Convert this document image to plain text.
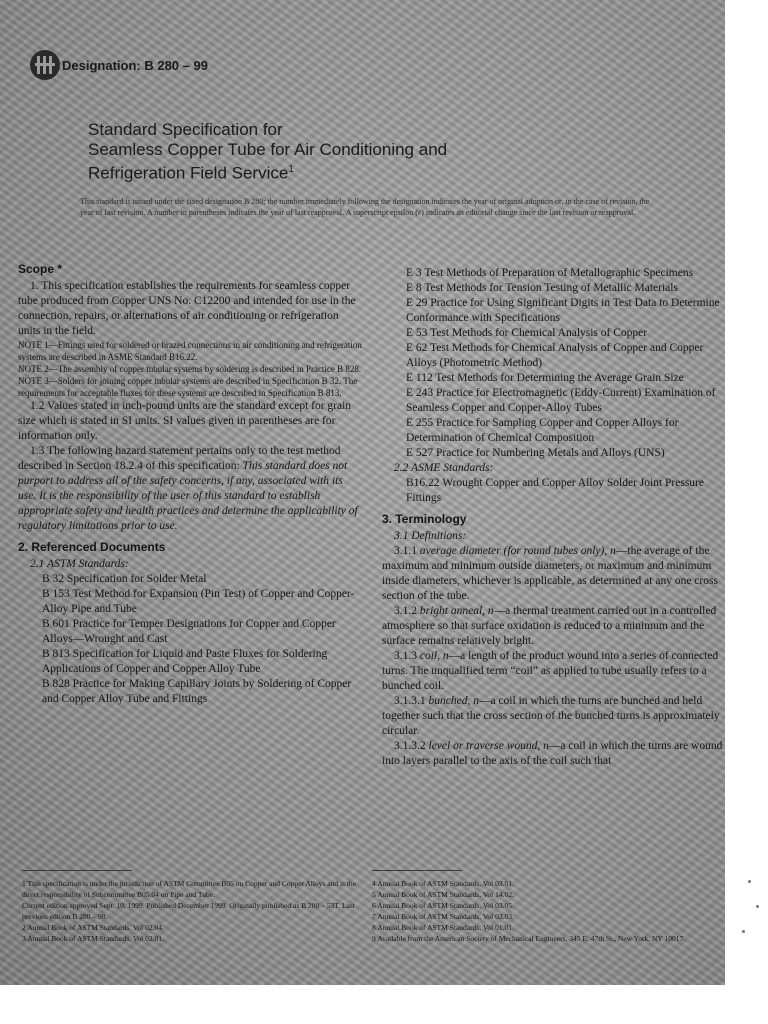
Designation: B 280 – 99
Standard Specification for
Seamless Copper Tube for Air Conditioning and
Refrigeration Field Service$^1$
This standard is issued under the fixed designation B 280; the number immediately following the designation indicates the year of original adoption or, in the case of revision, the year of last revision. A number in parentheses indicates the year of last reapproval. A superscript epsilon (ε) indicates an editorial change since the last revision or reapproval.

Scope *

1. This specification establishes the requirements for seamless copper tube produced from Copper UNS No. C12200 and intended for use in the connection, repairs, or alternations of air conditioning or refrigeration units in the field.

NOTE 1—Fittings used for soldered or brazed connections in air conditioning and refrigeration systems are described in ASME Standard B16.22.

NOTE 2—The assembly of copper tubular systems by soldering is described in Practice B 828.

NOTE 3—Solders for joining copper tubular systems are described in Specification B 32. The requirements for acceptable fluxes for these systems are described in Specification B 813.

1.2 Values stated in inch-pound units are the standard except for grain size which is stated in SI units. SI values given in parentheses are for information only.

1.3 The following hazard statement pertains only to the test method described in Section 18.2.4 of this specification: This standard does not purport to address all of the safety concerns, if any, associated with its use. It is the responsibility of the user of this standard to establish appropriate safety and health practices and determine the applicability of regulatory limitations prior to use.

2. Referenced Documents

2.1 ASTM Standards:

B 32 Specification for Solder Metal

B 153 Test Method for Expansion (Pin Test) of Copper and Copper-Alloy Pipe and Tube

B 601 Practice for Temper Designations for Copper and Copper Alloys—Wrought and Cast

B 813 Specification for Liquid and Paste Fluxes for Soldering Applications of Copper and Copper Alloy Tube

B 828 Practice for Making Capillary Joints by Soldering of Copper and Copper Alloy Tube and Fittings

E 3 Test Methods of Preparation of Metallographic Specimens

E 8 Test Methods for Tension Testing of Metallic Materials

E 29 Practice for Using Significant Digits in Test Data to Determine Conformance with Specifications

E 53 Test Methods for Chemical Analysis of Copper

E 62 Test Methods for Chemical Analysis of Copper and Copper Alloys (Photometric Method)

E 112 Test Methods for Determining the Average Grain Size

E 243 Practice for Electromagnetic (Eddy-Current) Examination of Seamless Copper and Copper-Alloy Tubes

E 255 Practice for Sampling Copper and Copper Alloys for Determination of Chemical Composition

E 527 Practice for Numbering Metals and Alloys (UNS)

2.2 ASME Standards:

B16.22 Wrought Copper and Copper Alloy Solder Joint Pressure Fittings

3. Terminology

3.1 Definitions:

3.1.1 average diameter (for round tubes only), n—the average of the maximum and minimum outside diameters, or maximum and minimum inside diameters, whichever is applicable, as determined at any one cross section of the tube.

3.1.2 bright anneal, n—a thermal treatment carried out in a controlled atmosphere so that surface oxidation is reduced to a minimum and the surface remains relatively bright.

3.1.3 coil, n—a length of the product wound into a series of connected turns. The unqualified term “coil” as applied to tube usually refers to a bunched coil.

3.1.3.1 bunched, n—a coil in which the turns are bunched and held together such that the cross section of the bunched turns is approximately circular.

3.1.3.2 level or traverse wound, n—a coil in which the turns are wound into layers parallel to the axis of the coil such that

1 This specification is under the jurisdiction of ASTM Committee B05 on Copper and Copper Alloys and is the direct responsibility of Subcommittee B05.04 on Pipe and Tube.

Current edition approved Sept. 10, 1999. Published December 1999. Originally published as B 280 – 53T. Last previous edition B 280 – 98.

2 Annual Book of ASTM Standards, Vol 02.04.

3 Annual Book of ASTM Standards, Vol 02.01.

4 Annual Book of ASTM Standards, Vol 03.01.

5 Annual Book of ASTM Standards, Vol 14.02.

6 Annual Book of ASTM Standards, Vol 03.05.

7 Annual Book of ASTM Standards, Vol 03.03.

8 Annual Book of ASTM Standards, Vol 01.01.

9 Available from the American Society of Mechanical Engineers, 345 E. 47th St., New York, NY 10017.
